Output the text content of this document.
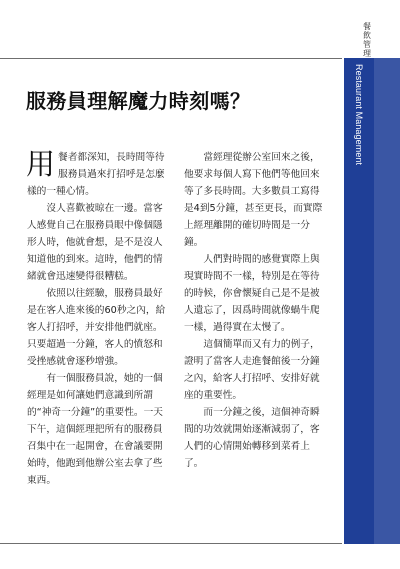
餐飲管理
Restaurant Management
服務員理解魔力時刻嗎？

用 餐者都深知，長時間等待服務員過來打招呼是怎麼樣的一種心情。

沒人喜歡被晾在一邊。當客人感覺自己在服務員眼中像個隱形人時，他就會想，是不是沒人知道他的到來。這時，他們的情緒就會迅速變得很糟糕。

依照以往經驗，服務員最好是在客人進來後的60秒之內，給客人打招呼，并安排他們就座。只要超過一分鐘，客人的憤怒和受挫感就會逐秒增強。

有一個服務員說，她的一個經理是如何讓她們意識到所謂的“神奇一分鐘”的重要性。一天下午，這個經理把所有的服務員召集中在一起開會，在會議要開始時，他跑到他辦公室去拿了些東西。

當經理從辦公室回來之後，他要求每個人寫下他們等他回來等了多長時間。大多數員工寫得是4到5分鐘，甚至更長，而實際上經理離開的確切時間是一分鐘。

人們對時間的感覺實際上與現實時間不一樣，特別是在等待的時候，你會懷疑自己是不是被人遺忘了，因爲時間就像蝸牛爬一樣，過得實在太慢了。

這個簡單而又有力的例子，證明了當客人走進餐館後一分鐘之內，給客人打招呼、安排好就座的重要性。

而一分鐘之後，這個神奇瞬間的功效就開始逐漸減弱了，客人們的心情開始轉移到菜肴上了。
